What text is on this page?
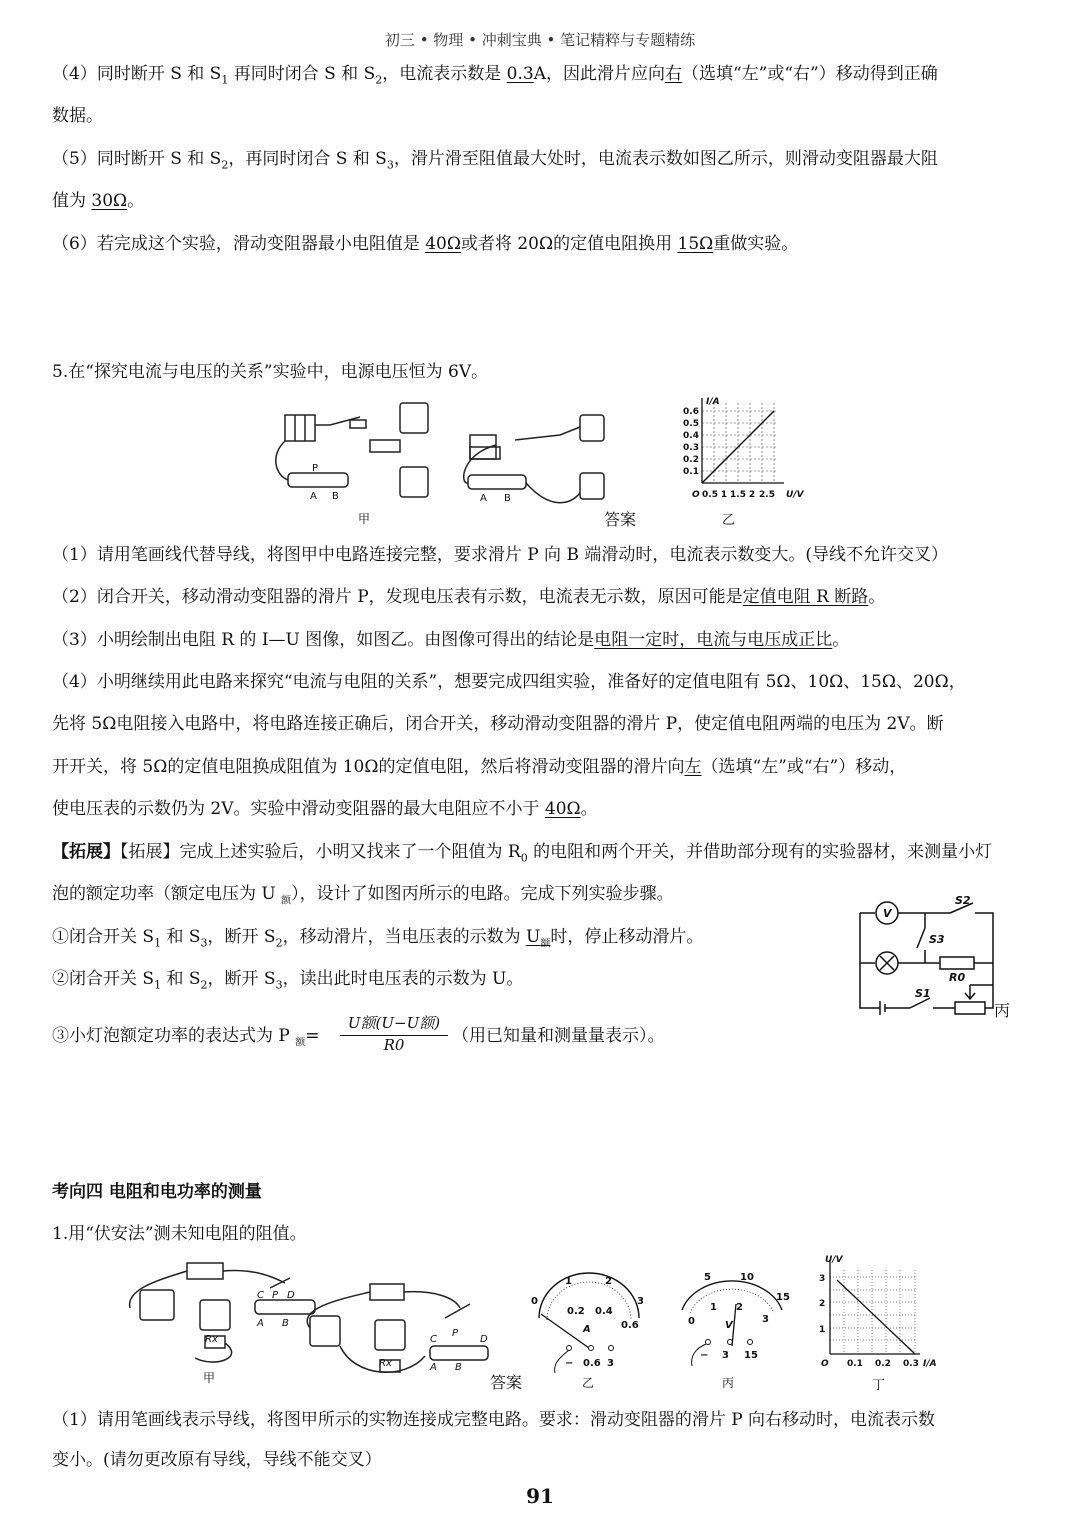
初三 • 物理 • 冲刺宝典 • 笔记精粹与专题精练
（4）同时断开 S 和 $S_1$ 再同时闭合 S 和 $S_2$，电流表示数是 0.3A，因此滑片应向右（选填“左”或“右”）移动得到正确
数据。
（5）同时断开 S 和 $S_2$，再同时闭合 S 和 $S_3$，滑片滑至阻值最大处时，电流表示数如图乙所示，则滑动变阻器最大阻
值为 30Ω。
（6）若完成这个实验，滑动变阻器最小电阻值是 40Ω或者将 20Ω的定值电阻换用 15Ω重做实验。
5.在“探究电流与电压的关系”实验中，电源电压恒为 6V。
A B
P
A B
甲	答案
I/A
U/V
O
0.6
0.5
0.4
0.3
0.2
0.1
0.5 1 1.5 2 2.5
乙
（1）请用笔画线代替导线，将图甲中电路连接完整，要求滑片 P 向 B 端滑动时，电流表示数变大。(导线不允许交叉）
（2）闭合开关，移动滑动变阻器的滑片 P，发现电压表有示数，电流表无示数，原因可能是定值电阻 R 断路。
（3）小明绘制出电阻 R 的 I—U 图像，如图乙。由图像可得出的结论是电阻一定时，电流与电压成正比。
（4）小明继续用此电路来探究“电流与电阻的关系”，想要完成四组实验，准备好的定值电阻有 5Ω、10Ω、15Ω、20Ω，
先将 5Ω电阻接入电路中，将电路连接正确后，闭合开关，移动滑动变阻器的滑片 P，使定值电阻两端的电压为 2V。断
开开关，将 5Ω的定值电阻换成阻值为 10Ω的定值电阻，然后将滑动变阻器的滑片向左（选填“左”或“右”）移动，
使电压表的示数仍为 2V。实验中滑动变阻器的最大电阻应不小于 40Ω。
【拓展】【拓展】完成上述实验后，小明又找来了一个阻值为 $R_0$ 的电阻和两个开关，并借助部分现有的实验器材，来测量小灯
泡的额定功率（额定电压为 U $_额$），设计了如图丙所示的电路。完成下列实验步骤。
①闭合开关 $S_1$ 和 $S_3$，断开 $S_2$，移动滑片，当电压表的示数为 $U_额$时，停止移动滑片。
②闭合开关 $S_1$ 和 $S_2$，断开 $S_3$，读出此时电压表的示数为 U。
③小灯泡额定功率的表达式为 P $_额$=
U额(U−U额)
R0	（用已知量和测量量表示）。
V
S2
S3
R0
S1
丙
考向四 电阻和电功率的测量
1.用“伏安法”测未知电阻的阻值。
Rx
C P D
A B
Rx
C
P
D
A B
甲	答案
0
1	2
3
0.2 0.4
0.6
A
− 0.6 3
乙
5	10
15
0
1 2
3
V
− 3 15
丙
U/V
I/A
O
3
2
1
0.1 0.2 0.3
丁
（1）请用笔画线表示导线，将图甲所示的实物连接成完整电路。要求：滑动变阻器的滑片 P 向右移动时，电流表示数
变小。(请勿更改原有导线，导线不能交叉）
91
